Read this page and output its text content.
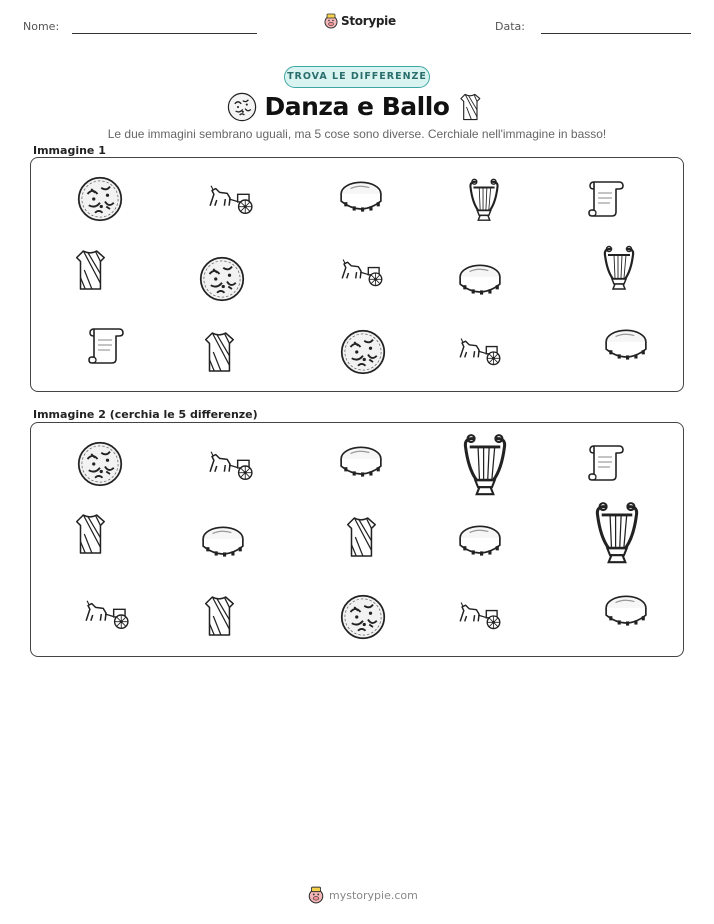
Nome:	Storypie	Data:
TROVA LE DIFFERENZE
Danza e Ballo
Le due immagini sembrano uguali, ma 5 cose sono diverse. Cerchiale nell'immagine in basso!
Immagine 1
Immagine 2 (cerchia le 5 differenze)
mystorypie.com
